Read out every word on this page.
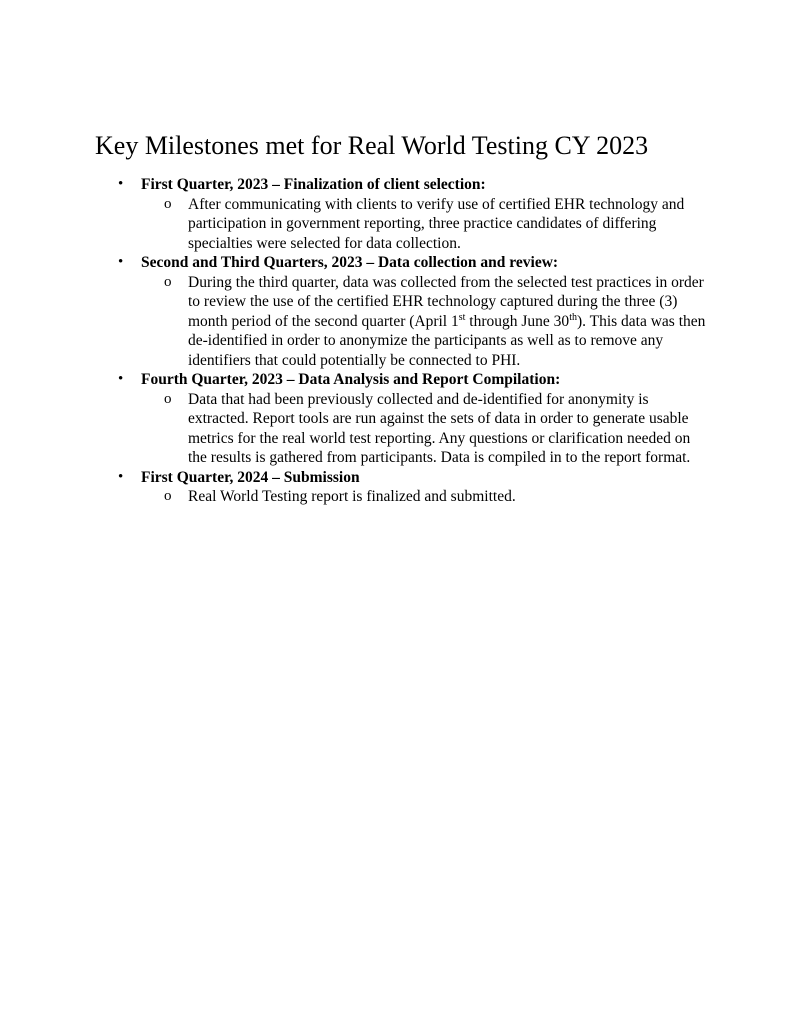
Key Milestones met for Real World Testing CY 2023
• First Quarter, 2023 – Finalization of client selection:

o After communicating with clients to verify use of certified EHR technology and participation in government reporting, three practice candidates of differing specialties were selected for data collection.

• Second and Third Quarters, 2023 – Data collection and review:

o During the third quarter, data was collected from the selected test practices in order to review the use of the certified EHR technology captured during the three (3) month period of the second quarter (April 1st through June 30th). This data was then de-identified in order to anonymize the participants as well as to remove any identifiers that could potentially be connected to PHI.

• Fourth Quarter, 2023 – Data Analysis and Report Compilation:

o Data that had been previously collected and de-identified for anonymity is extracted. Report tools are run against the sets of data in order to generate usable metrics for the real world test reporting. Any questions or clarification needed on the results is gathered from participants. Data is compiled in to the report format.

• First Quarter, 2024 – Submission

o Real World Testing report is finalized and submitted.
